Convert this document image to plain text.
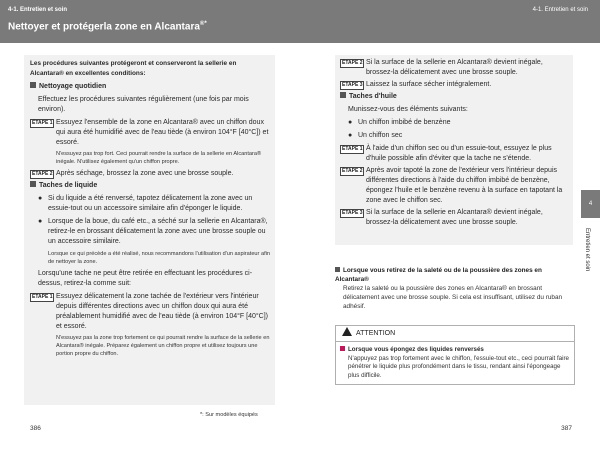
4-1. Entretien et soin
Nettoyer et protégerla zone en Alcantara®*
4-1. Entretien et soin

Les procédures suivantes protégeront et conserveront la sellerie en
Alcantara® en excellentes conditions:

Nettoyage quotidien

Effectuez les procédures suivantes régulièrement (une fois par mois environ).

ÉTAPE 1 Essuyez l'ensemble de la zone en Alcantara® avec un chiffon doux qui aura été humidifié avec de l'eau tiède (à environ 104°F [40°C]) et essoré.
N'essuyez pas trop fort. Ceci pourrait rendre la surface de la sellerie en Alcantara® inégale. N'utilisez également qu'un chiffon propre.
ÉTAPE 2 Après séchage, brossez la zone avec une brosse souple.

Taches de liquide

● Si du liquide a été renversé, tapotez délicatement la zone avec un essuie-tout ou un accessoire similaire afin d'éponger le liquide.
● Lorsque de la boue, du café etc., a séché sur la sellerie en Alcantara®, retirez-le en brossant délicatement la zone avec une brosse souple ou un accessoire similaire.
Lorsque ce qui précède a été réalisé, nous recommandons l'utilisation d'un aspirateur afin de nettoyer la zone.

Lorsqu'une tache ne peut être retirée en effectuant les procédures ci-dessus, retirez-la comme suit:

ÉTAPE 1 Essuyez délicatement la zone tachée de l'extérieur vers l'intérieur depuis différentes directions avec un chiffon doux qui aura été préalablement humidifié avec de l'eau tiède (à environ 104°F [40°C]) et essoré.
N'essuyez pas la zone trop fortement ce qui pourrait rendre la surface de la sellerie en Alcantara® inégale. Préparez également un chiffon propre et utilisez toujours une portion propre du chiffon.
ÉTAPE 2 Si la surface de la sellerie en Alcantara® devient inégale, brossez-la délicatement avec une brosse souple.
ÉTAPE 3 Laissez la surface sécher intégralement.

Taches d'huile

Munissez-vous des éléments suivants:

● Un chiffon imbibé de benzène
● Un chiffon sec
ÉTAPE 1 À l'aide d'un chiffon sec ou d'un essuie-tout, essuyez le plus d'huile possible afin d'éviter que la tache ne s'étende.
ÉTAPE 2 Après avoir tapoté la zone de l'extérieur vers l'intérieur depuis différentes directions à l'aide du chiffon imbibé de benzène, épongez l'huile et le benzène revenu à la surface en tapotant la zone avec le chiffon sec.
ÉTAPE 3 Si la surface de la sellerie en Alcantara® devient inégale, brossez-la délicatement avec une brosse souple.
4
Entretien et soin
Lorsque vous retirez de la saleté ou de la poussière des zones en Alcantara®
Retirez la saleté ou la poussière des zones en Alcantara® en brossant délicatement avec une brosse souple. Si cela est insuffisant, utilisez du ruban adhésif.
ATTENTION
Lorsque vous épongez des liquides renversés
N'appuyez pas trop fortement avec le chiffon, l'essuie-tout etc., ceci pourrait faire pénétrer le liquide plus profondément dans le tissu, rendant ainsi l'épongeage plus difficile.
*: Sur modèles équipés
386	387
